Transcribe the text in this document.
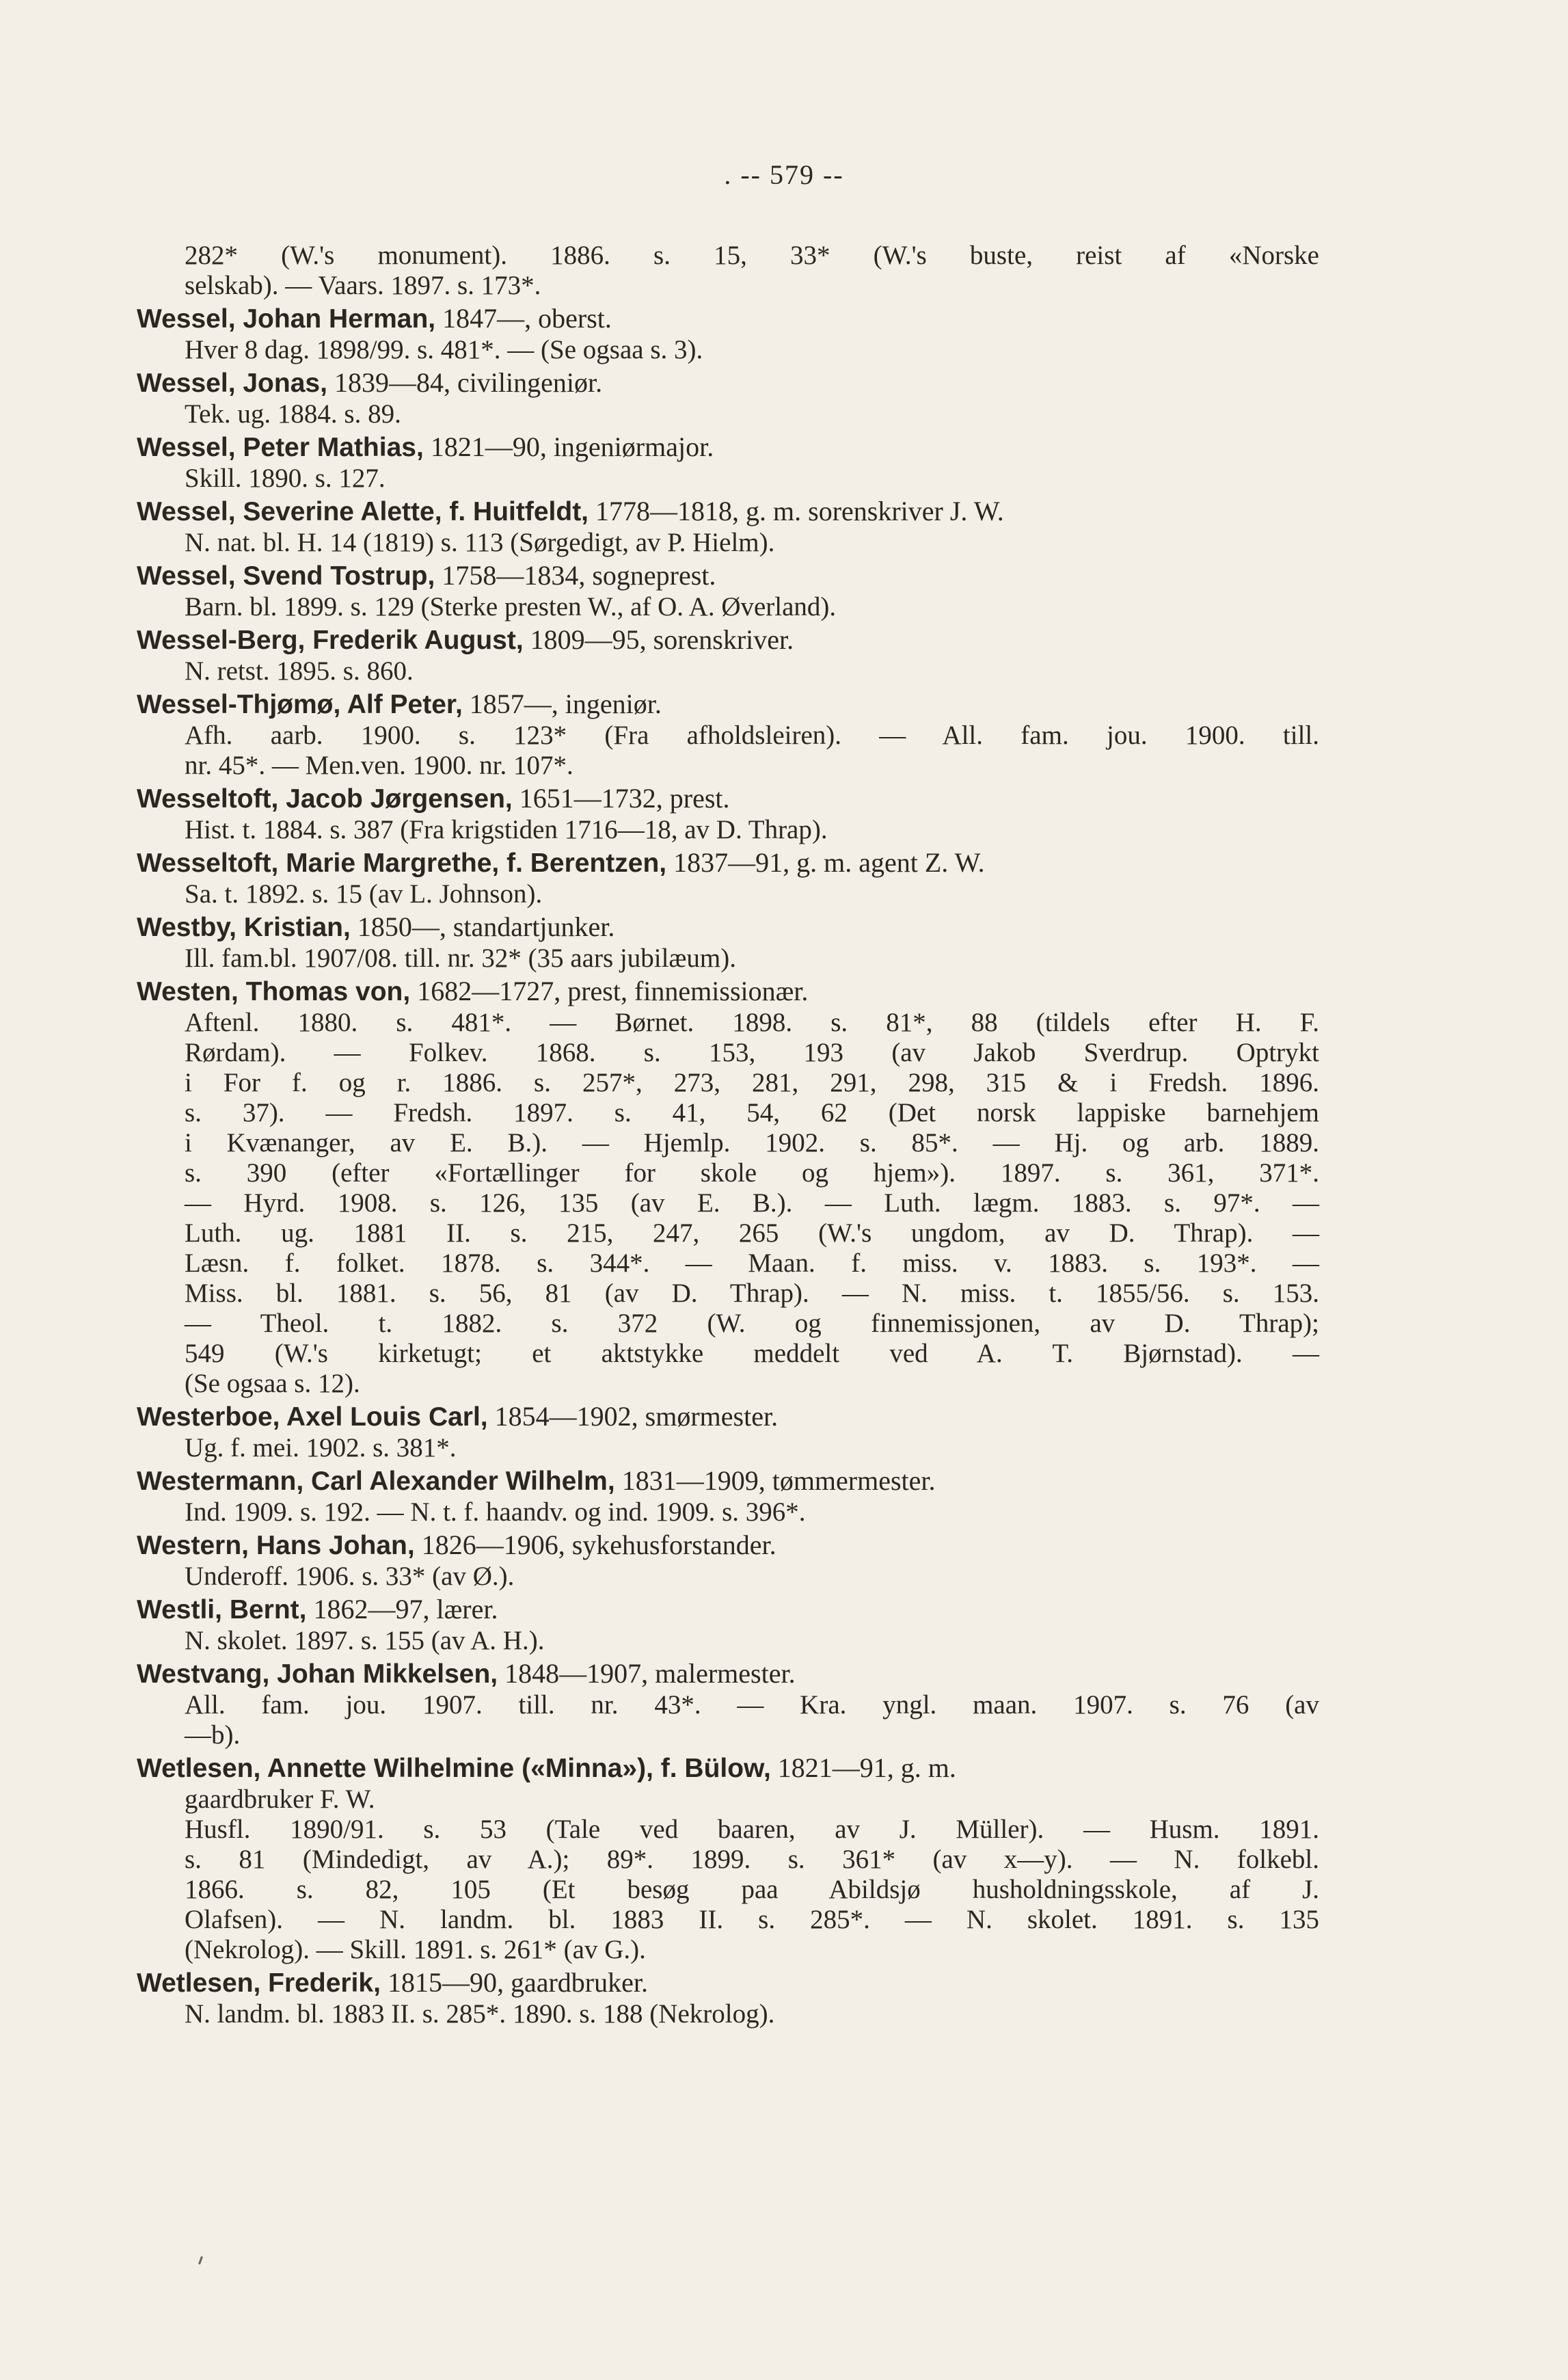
. -- 579 --
282* (W.'s monument). 1886. s. 15, 33* (W.'s buste, reist af «Norske
selskab). — Vaars. 1897. s. 173*.
Wessel, Johan Herman, 1847—, oberst.
Hver 8 dag. 1898/99. s. 481*. — (Se ogsaa s. 3).
Wessel, Jonas, 1839—84, civilingeniør.
Tek. ug. 1884. s. 89.
Wessel, Peter Mathias, 1821—90, ingeniørmajor.
Skill. 1890. s. 127.
Wessel, Severine Alette, f. Huitfeldt, 1778—1818, g. m. sorenskriver J. W.
N. nat. bl. H. 14 (1819) s. 113 (Sørgedigt, av P. Hielm).
Wessel, Svend Tostrup, 1758—1834, sogneprest.
Barn. bl. 1899. s. 129 (Sterke presten W., af O. A. Øverland).
Wessel-Berg, Frederik August, 1809—95, sorenskriver.
N. retst. 1895. s. 860.
Wessel-Thjømø, Alf Peter, 1857—, ingeniør.
Afh. aarb. 1900. s. 123* (Fra afholdsleiren). — All. fam. jou. 1900. till.
nr. 45*. — Men.ven. 1900. nr. 107*.
Wesseltoft, Jacob Jørgensen, 1651—1732, prest.
Hist. t. 1884. s. 387 (Fra krigstiden 1716—18, av D. Thrap).
Wesseltoft, Marie Margrethe, f. Berentzen, 1837—91, g. m. agent Z. W.
Sa. t. 1892. s. 15 (av L. Johnson).
Westby, Kristian, 1850—, standartjunker.
Ill. fam.bl. 1907/08. till. nr. 32* (35 aars jubilæum).
Westen, Thomas von, 1682—1727, prest, finnemissionær.
Aftenl. 1880. s. 481*. — Børnet. 1898. s. 81*, 88 (tildels efter H. F.
Rørdam). — Folkev. 1868. s. 153, 193 (av Jakob Sverdrup. Optrykt
i For f. og r. 1886. s. 257*, 273, 281, 291, 298, 315 & i Fredsh. 1896.
s. 37). — Fredsh. 1897. s. 41, 54, 62 (Det norsk lappiske barnehjem
i Kvænanger, av E. B.). — Hjemlp. 1902. s. 85*. — Hj. og arb. 1889.
s. 390 (efter «Fortællinger for skole og hjem»). 1897. s. 361, 371*.
— Hyrd. 1908. s. 126, 135 (av E. B.). — Luth. lægm. 1883. s. 97*. —
Luth. ug. 1881 II. s. 215, 247, 265 (W.'s ungdom, av D. Thrap). —
Læsn. f. folket. 1878. s. 344*. — Maan. f. miss. v. 1883. s. 193*. —
Miss. bl. 1881. s. 56, 81 (av D. Thrap). — N. miss. t. 1855/56. s. 153.
— Theol. t. 1882. s. 372 (W. og finnemissjonen, av D. Thrap);
549 (W.'s kirketugt; et aktstykke meddelt ved A. T. Bjørnstad). —
(Se ogsaa s. 12).
Westerboe, Axel Louis Carl, 1854—1902, smørmester.
Ug. f. mei. 1902. s. 381*.
Westermann, Carl Alexander Wilhelm, 1831—1909, tømmermester.
Ind. 1909. s. 192. — N. t. f. haandv. og ind. 1909. s. 396*.
Western, Hans Johan, 1826—1906, sykehusforstander.
Underoff. 1906. s. 33* (av Ø.).
Westli, Bernt, 1862—97, lærer.
N. skolet. 1897. s. 155 (av A. H.).
Westvang, Johan Mikkelsen, 1848—1907, malermester.
All. fam. jou. 1907. till. nr. 43*. — Kra. yngl. maan. 1907. s. 76 (av
—b).
Wetlesen, Annette Wilhelmine («Minna»), f. Bülow, 1821—91, g. m.
gaardbruker F. W.
Husfl. 1890/91. s. 53 (Tale ved baaren, av J. Müller). — Husm. 1891.
s. 81 (Mindedigt, av A.); 89*. 1899. s. 361* (av x—y). — N. folkebl.
1866. s. 82, 105 (Et besøg paa Abildsjø husholdningsskole, af J.
Olafsen). — N. landm. bl. 1883 II. s. 285*. — N. skolet. 1891. s. 135
(Nekrolog). — Skill. 1891. s. 261* (av G.).
Wetlesen, Frederik, 1815—90, gaardbruker.
N. landm. bl. 1883 II. s. 285*. 1890. s. 188 (Nekrolog).
